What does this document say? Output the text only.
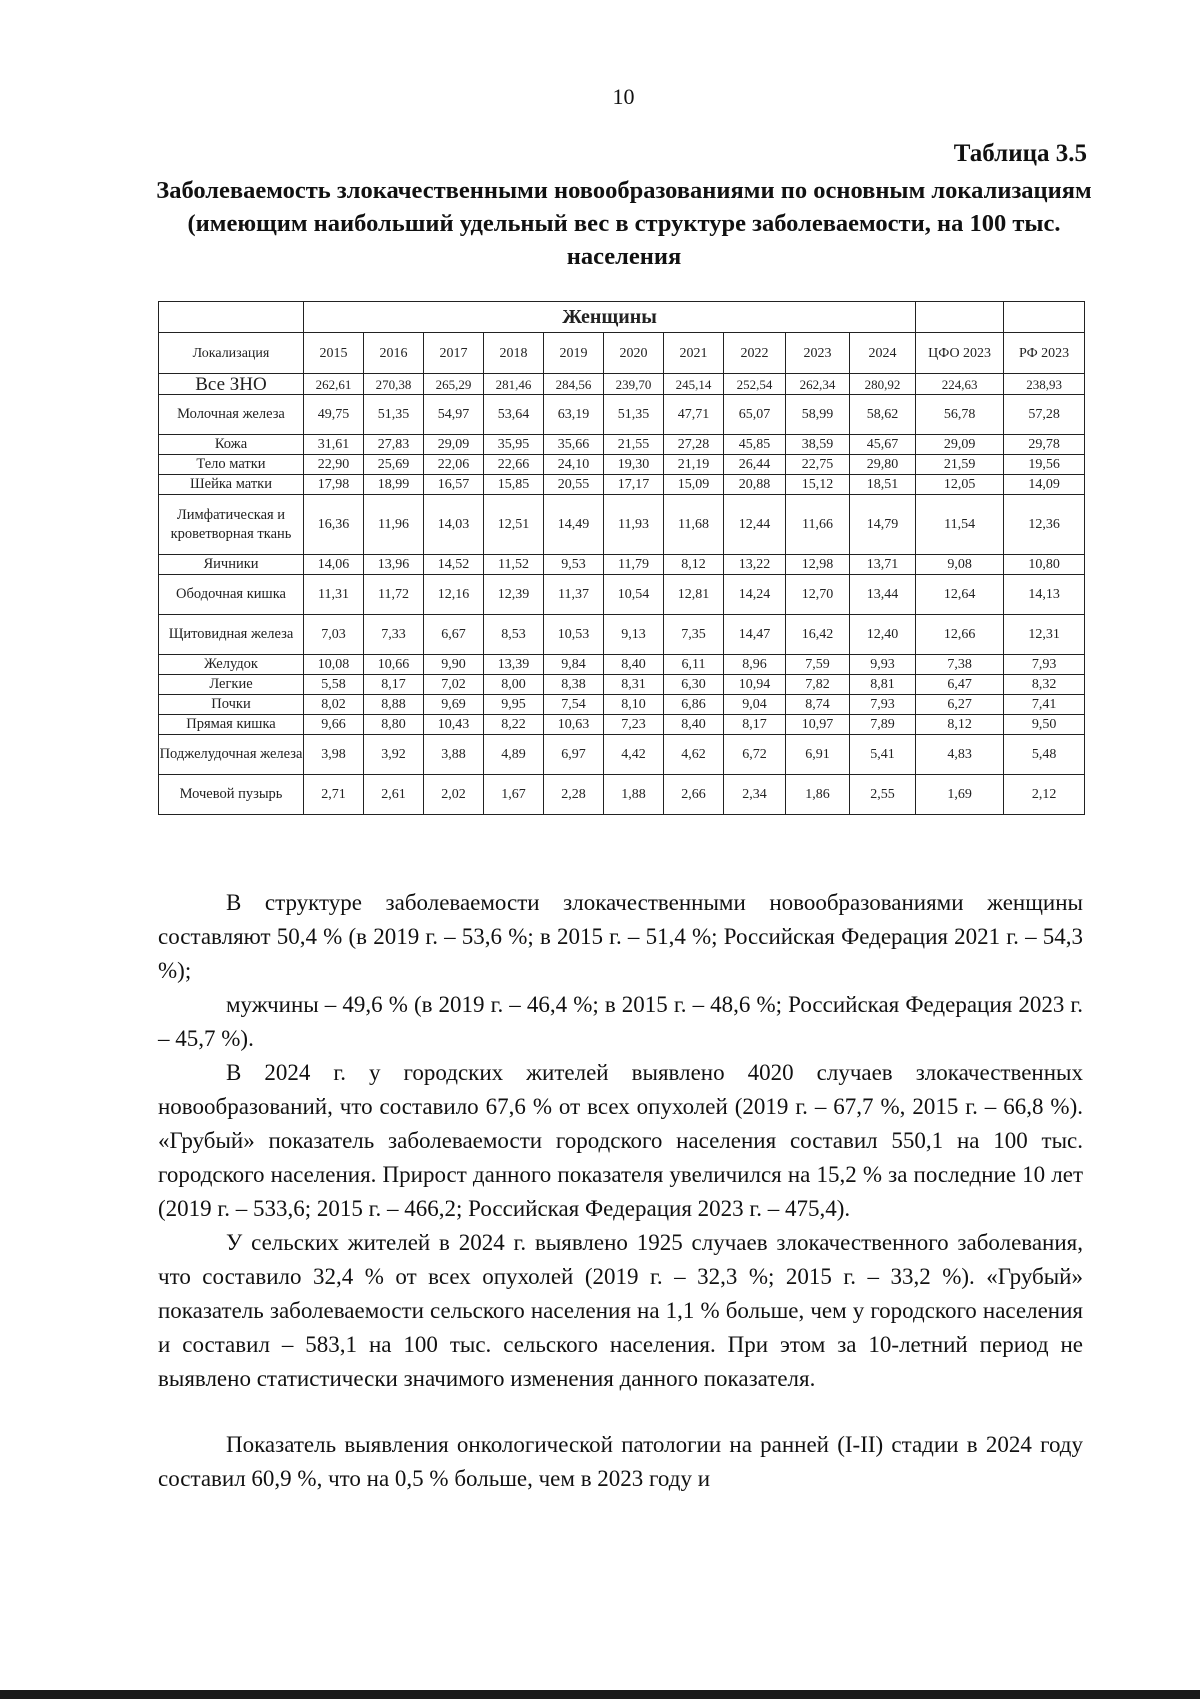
10
Таблица 3.5
Заболеваемость злокачественными новообразованиями по основным локализациям (имеющим наибольший удельный вес в структуре заболеваемости, на 100 тыс. населения
	Женщины											
Локализация	2015	2016	2017	2018	2019	2020	2021	2022	2023	2024	ЦФО 2023	РФ 2023
Все ЗНО	262,61	270,38	265,29	281,46	284,56	239,70	245,14	252,54	262,34	280,92	224,63	238,93
Молочная железа	49,75	51,35	54,97	53,64	63,19	51,35	47,71	65,07	58,99	58,62	56,78	57,28
Кожа	31,61	27,83	29,09	35,95	35,66	21,55	27,28	45,85	38,59	45,67	29,09	29,78
Тело матки	22,90	25,69	22,06	22,66	24,10	19,30	21,19	26,44	22,75	29,80	21,59	19,56
Шейка матки	17,98	18,99	16,57	15,85	20,55	17,17	15,09	20,88	15,12	18,51	12,05	14,09
Лимфатическая и кроветворная ткань	16,36	11,96	14,03	12,51	14,49	11,93	11,68	12,44	11,66	14,79	11,54	12,36
Яичники	14,06	13,96	14,52	11,52	9,53	11,79	8,12	13,22	12,98	13,71	9,08	10,80
Ободочная кишка	11,31	11,72	12,16	12,39	11,37	10,54	12,81	14,24	12,70	13,44	12,64	14,13
Щитовидная железа	7,03	7,33	6,67	8,53	10,53	9,13	7,35	14,47	16,42	12,40	12,66	12,31
Желудок	10,08	10,66	9,90	13,39	9,84	8,40	6,11	8,96	7,59	9,93	7,38	7,93
Легкие	5,58	8,17	7,02	8,00	8,38	8,31	6,30	10,94	7,82	8,81	6,47	8,32
Почки	8,02	8,88	9,69	9,95	7,54	8,10	6,86	9,04	8,74	7,93	6,27	7,41
Прямая кишка	9,66	8,80	10,43	8,22	10,63	7,23	8,40	8,17	10,97	7,89	8,12	9,50
Поджелудочная железа	3,98	3,92	3,88	4,89	6,97	4,42	4,62	6,72	6,91	5,41	4,83	5,48
Мочевой пузырь	2,71	2,61	2,02	1,67	2,28	1,88	2,66	2,34	1,86	2,55	1,69	2,12

В структуре заболеваемости злокачественными новообразованиями женщины составляют 50,4 % (в 2019 г. – 53,6 %; в 2015 г. – 51,4 %; Российская Федерация 2021 г. – 54,3 %);

мужчины – 49,6 % (в 2019 г. – 46,4 %; в 2015 г. – 48,6 %; Российская Федерация 2023 г. – 45,7 %).

В 2024 г. у городских жителей выявлено 4020 случаев злокачественных новообразований, что составило 67,6 % от всех опухолей (2019 г. – 67,7 %, 2015 г. – 66,8 %). «Грубый» показатель заболеваемости городского населения составил 550,1 на 100 тыс. городского населения. Прирост данного показателя увеличился на 15,2 % за последние 10 лет (2019 г. – 533,6; 2015 г. – 466,2; Российская Федерация 2023 г. – 475,4).

У сельских жителей в 2024 г. выявлено 1925 случаев злокачественного заболевания, что составило 32,4 % от всех опухолей (2019 г. – 32,3 %; 2015 г. – 33,2 %). «Грубый» показатель заболеваемости сельского населения на 1,1 % больше, чем у городского населения и составил – 583,1 на 100 тыс. сельского населения. При этом за 10-летний период не выявлено статистически значимого изменения данного показателя.

Показатель выявления онкологической патологии на ранней (I-II) стадии в 2024 году составил 60,9 %, что на 0,5 % больше, чем в 2023 году и
